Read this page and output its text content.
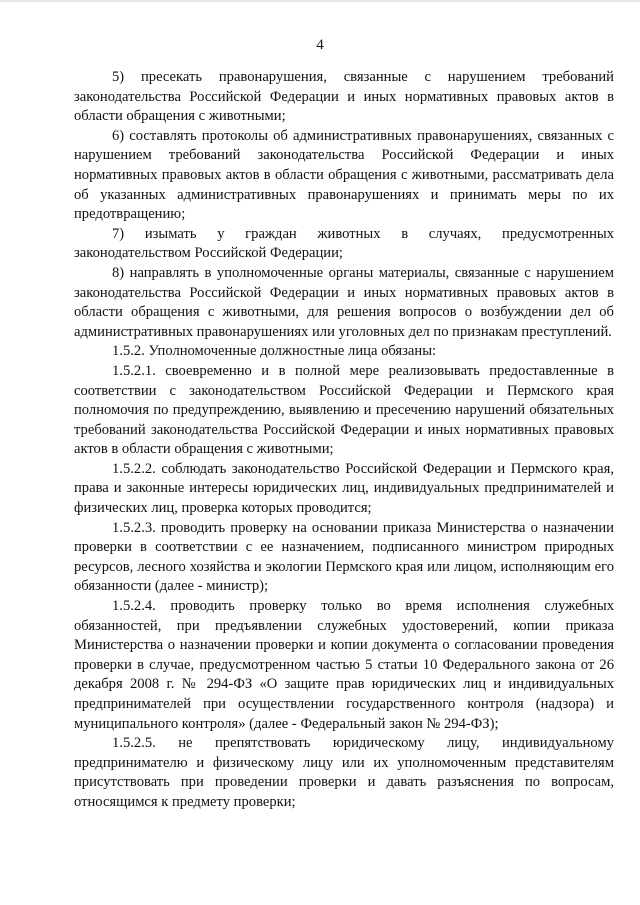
4

5) пресекать правонарушения, связанные с нарушением требований законодательства Российской Федерации и иных нормативных правовых актов в области обращения с животными;

6) составлять протоколы об административных правонарушениях, связанных с нарушением требований законодательства Российской Федерации и иных нормативных правовых актов в области обращения с животными, рассматривать дела об указанных административных правонарушениях и принимать меры по их предотвращению;

7) изымать у граждан животных в случаях, предусмотренных законодательством Российской Федерации;

8) направлять в уполномоченные органы материалы, связанные с нарушением законодательства Российской Федерации и иных нормативных правовых актов в области обращения с животными, для решения вопросов о возбуждении дел об административных правонарушениях или уголовных дел по признакам преступлений.

1.5.2. Уполномоченные должностные лица обязаны:

1.5.2.1. своевременно и в полной мере реализовывать предоставленные в соответствии с законодательством Российской Федерации и Пермского края полномочия по предупреждению, выявлению и пресечению нарушений обязательных требований законодательства Российской Федерации и иных нормативных правовых актов в области обращения с животными;

1.5.2.2. соблюдать законодательство Российской Федерации и Пермского края, права и законные интересы юридических лиц, индивидуальных предпринимателей и физических лиц, проверка которых проводится;

1.5.2.3. проводить проверку на основании приказа Министерства о назначении проверки в соответствии с ее назначением, подписанного министром природных ресурсов, лесного хозяйства и экологии Пермского края или лицом, исполняющим его обязанности (далее - министр);

1.5.2.4. проводить проверку только во время исполнения служебных обязанностей, при предъявлении служебных удостоверений, копии приказа Министерства о назначении проверки и копии документа о согласовании проведения проверки в случае, предусмотренном частью 5 статьи 10 Федерального закона от 26 декабря 2008 г. № 294-ФЗ «О защите прав юридических лиц и индивидуальных предпринимателей при осуществлении государственного контроля (надзора) и муниципального контроля» (далее - Федеральный закон № 294-ФЗ);

1.5.2.5. не препятствовать юридическому лицу, индивидуальному предпринимателю и физическому лицу или их уполномоченным представителям присутствовать при проведении проверки и давать разъяснения по вопросам, относящимся к предмету проверки;
